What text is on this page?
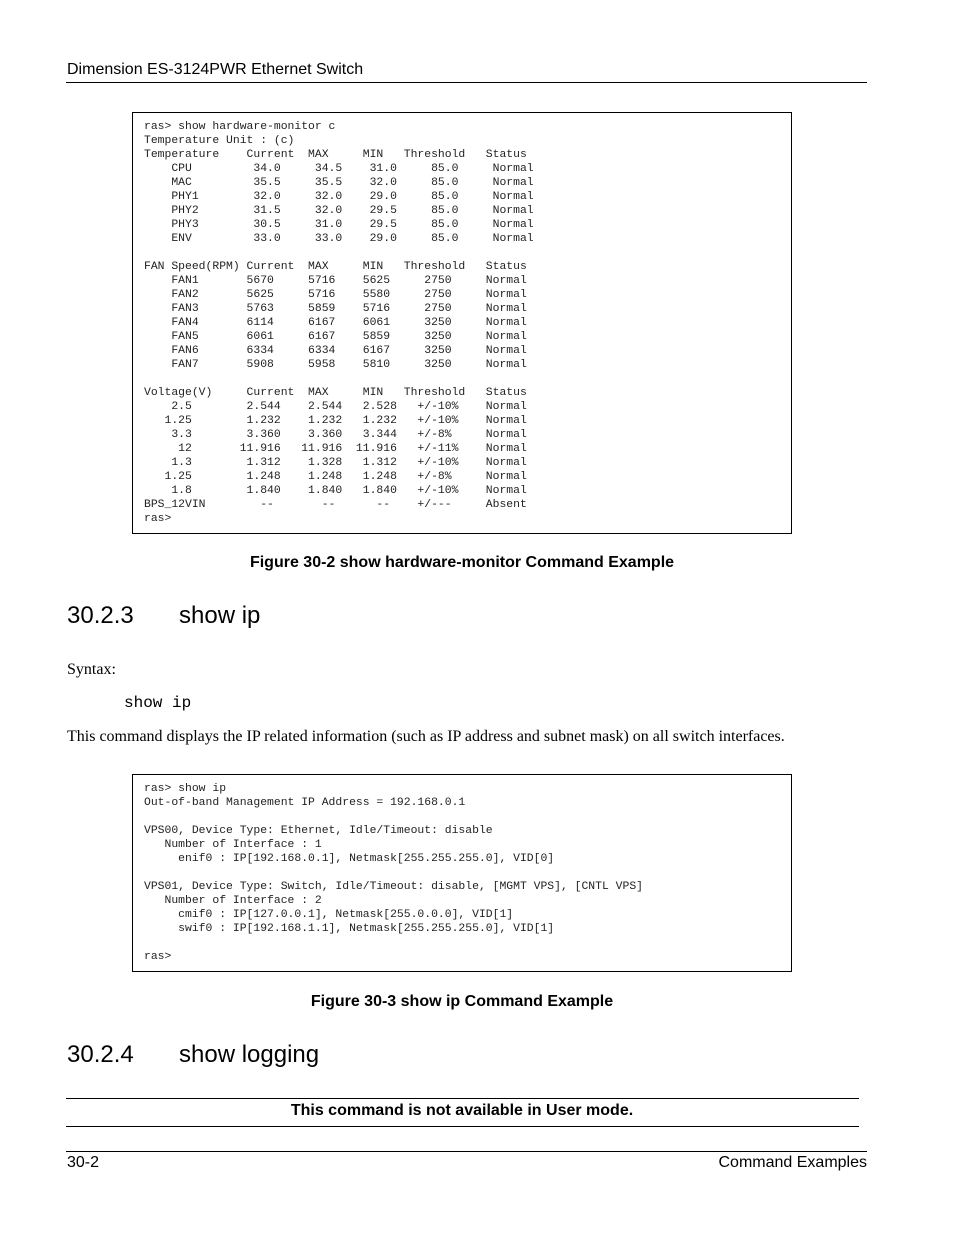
Dimension ES-3124PWR Ethernet Switch
ras> show hardware-monitor c
Temperature Unit : (c)
Temperature    Current  MAX     MIN   Threshold   Status
CPU         34.0     34.5    31.0     85.0     Normal
MAC         35.5     35.5    32.0     85.0     Normal
PHY1        32.0     32.0    29.0     85.0     Normal
PHY2        31.5     32.0    29.5     85.0     Normal
PHY3        30.5     31.0    29.5     85.0     Normal
ENV         33.0     33.0    29.0     85.0     Normal

FAN Speed(RPM) Current  MAX     MIN   Threshold   Status
FAN1       5670     5716    5625     2750     Normal
FAN2       5625     5716    5580     2750     Normal
FAN3       5763     5859    5716     2750     Normal
FAN4       6114     6167    6061     3250     Normal
FAN5       6061     6167    5859     3250     Normal
FAN6       6334     6334    6167     3250     Normal
FAN7       5908     5958    5810     3250     Normal

Voltage(V)     Current  MAX     MIN   Threshold   Status
2.5        2.544    2.544   2.528   +/-10%    Normal
1.25        1.232    1.232   1.232   +/-10%    Normal
3.3        3.360    3.360   3.344   +/-8%     Normal
12       11.916   11.916  11.916   +/-11%    Normal
1.3        1.312    1.328   1.312   +/-10%    Normal
1.25        1.248    1.248   1.248   +/-8%     Normal
1.8        1.840    1.840   1.840   +/-10%    Normal
BPS_12VIN        --       --      --    +/---     Absent
ras>
Figure 30-2 show hardware-monitor Command Example
30.2.3 show ip
Syntax:
show ip
This command displays the IP related information (such as IP address and subnet mask) on all switch interfaces.
ras> show ip
Out-of-band Management IP Address = 192.168.0.1

VPS00, Device Type: Ethernet, Idle/Timeout: disable
Number of Interface : 1
enif0 : IP[192.168.0.1], Netmask[255.255.255.0], VID[0]

VPS01, Device Type: Switch, Idle/Timeout: disable, [MGMT VPS], [CNTL VPS]
Number of Interface : 2
cmif0 : IP[127.0.0.1], Netmask[255.0.0.0], VID[1]
swif0 : IP[192.168.1.1], Netmask[255.255.255.0], VID[1]

ras>
Figure 30-3 show ip Command Example
30.2.4 show logging
This command is not available in User mode.
30-2	Command Examples
